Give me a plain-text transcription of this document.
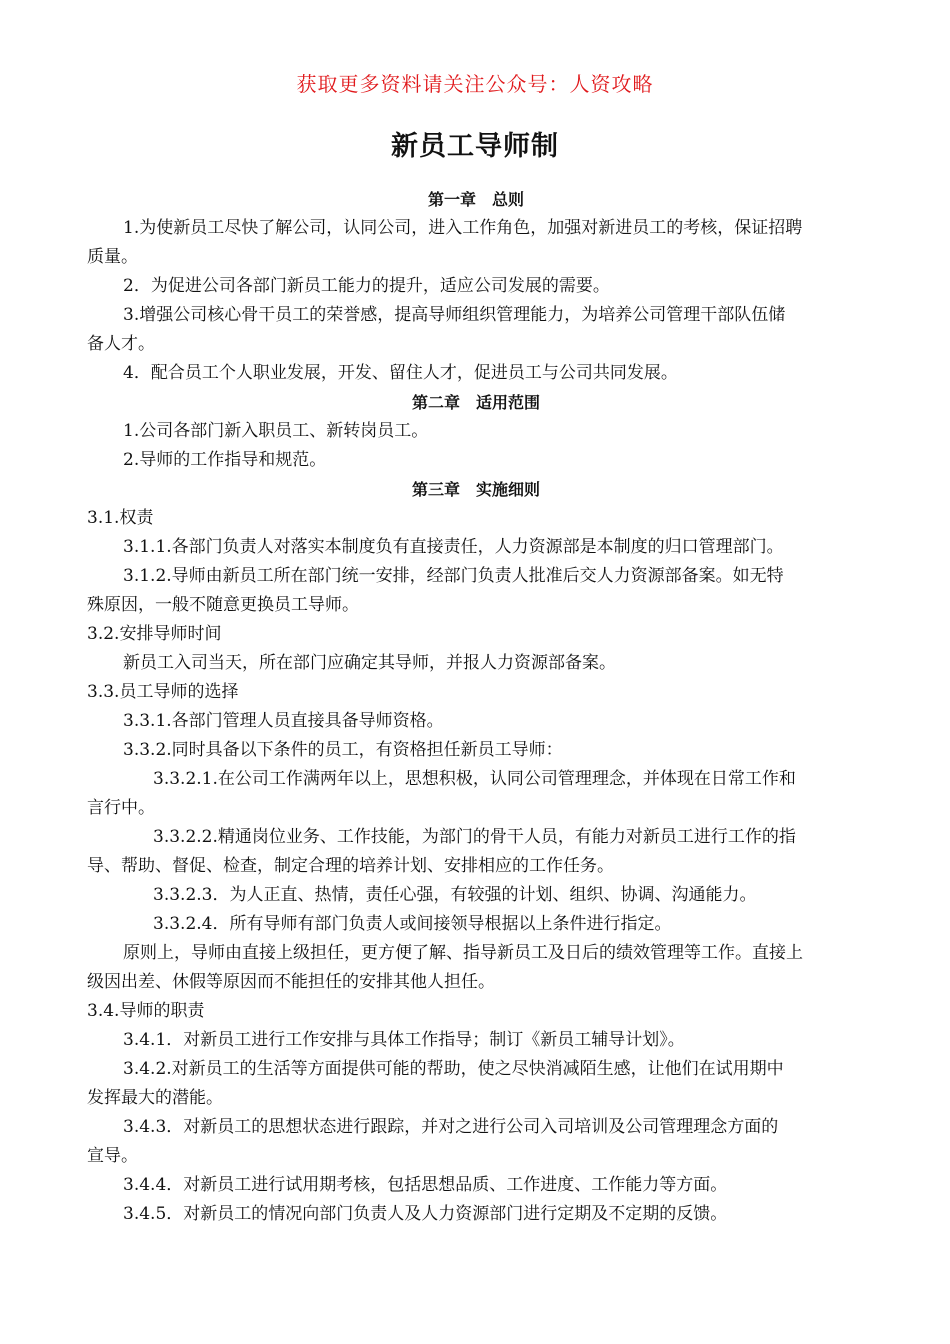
获取更多资料请关注公众号：人资攻略
新员工导师制
第一章　总则
1.为使新员工尽快了解公司，认同公司，进入工作角色，加强对新进员工的考核，保证招聘
质量。
2．为促进公司各部门新员工能力的提升，适应公司发展的需要。
3.增强公司核心骨干员工的荣誉感，提高导师组织管理能力，为培养公司管理干部队伍储
备人才。
4．配合员工个人职业发展，开发、留住人才，促进员工与公司共同发展。
第二章　适用范围
1.公司各部门新入职员工、新转岗员工。
2.导师的工作指导和规范。
第三章　实施细则
3.1.权责
3.1.1.各部门负责人对落实本制度负有直接责任，人力资源部是本制度的归口管理部门。
3.1.2.导师由新员工所在部门统一安排，经部门负责人批准后交人力资源部备案。如无特
殊原因，一般不随意更换员工导师。
3.2.安排导师时间
新员工入司当天，所在部门应确定其导师，并报人力资源部备案。
3.3.员工导师的选择
3.3.1.各部门管理人员直接具备导师资格。
3.3.2.同时具备以下条件的员工，有资格担任新员工导师：
3.3.2.1.在公司工作满两年以上，思想积极，认同公司管理理念，并体现在日常工作和
言行中。
3.3.2.2.精通岗位业务、工作技能，为部门的骨干人员，有能力对新员工进行工作的指
导、帮助、督促、检查，制定合理的培养计划、安排相应的工作任务。
3.3.2.3．为人正直、热情，责任心强，有较强的计划、组织、协调、沟通能力。
3.3.2.4．所有导师有部门负责人或间接领导根据以上条件进行指定。
原则上，导师由直接上级担任，更方便了解、指导新员工及日后的绩效管理等工作。直接上
级因出差、休假等原因而不能担任的安排其他人担任。
3.4.导师的职责
3.4.1．对新员工进行工作安排与具体工作指导；制订《新员工辅导计划》。
3.4.2.对新员工的生活等方面提供可能的帮助，使之尽快消减陌生感，让他们在试用期中
发挥最大的潜能。
3.4.3．对新员工的思想状态进行跟踪，并对之进行公司入司培训及公司管理理念方面的
宣导。
3.4.4．对新员工进行试用期考核，包括思想品质、工作进度、工作能力等方面。
3.4.5．对新员工的情况向部门负责人及人力资源部门进行定期及不定期的反馈。
